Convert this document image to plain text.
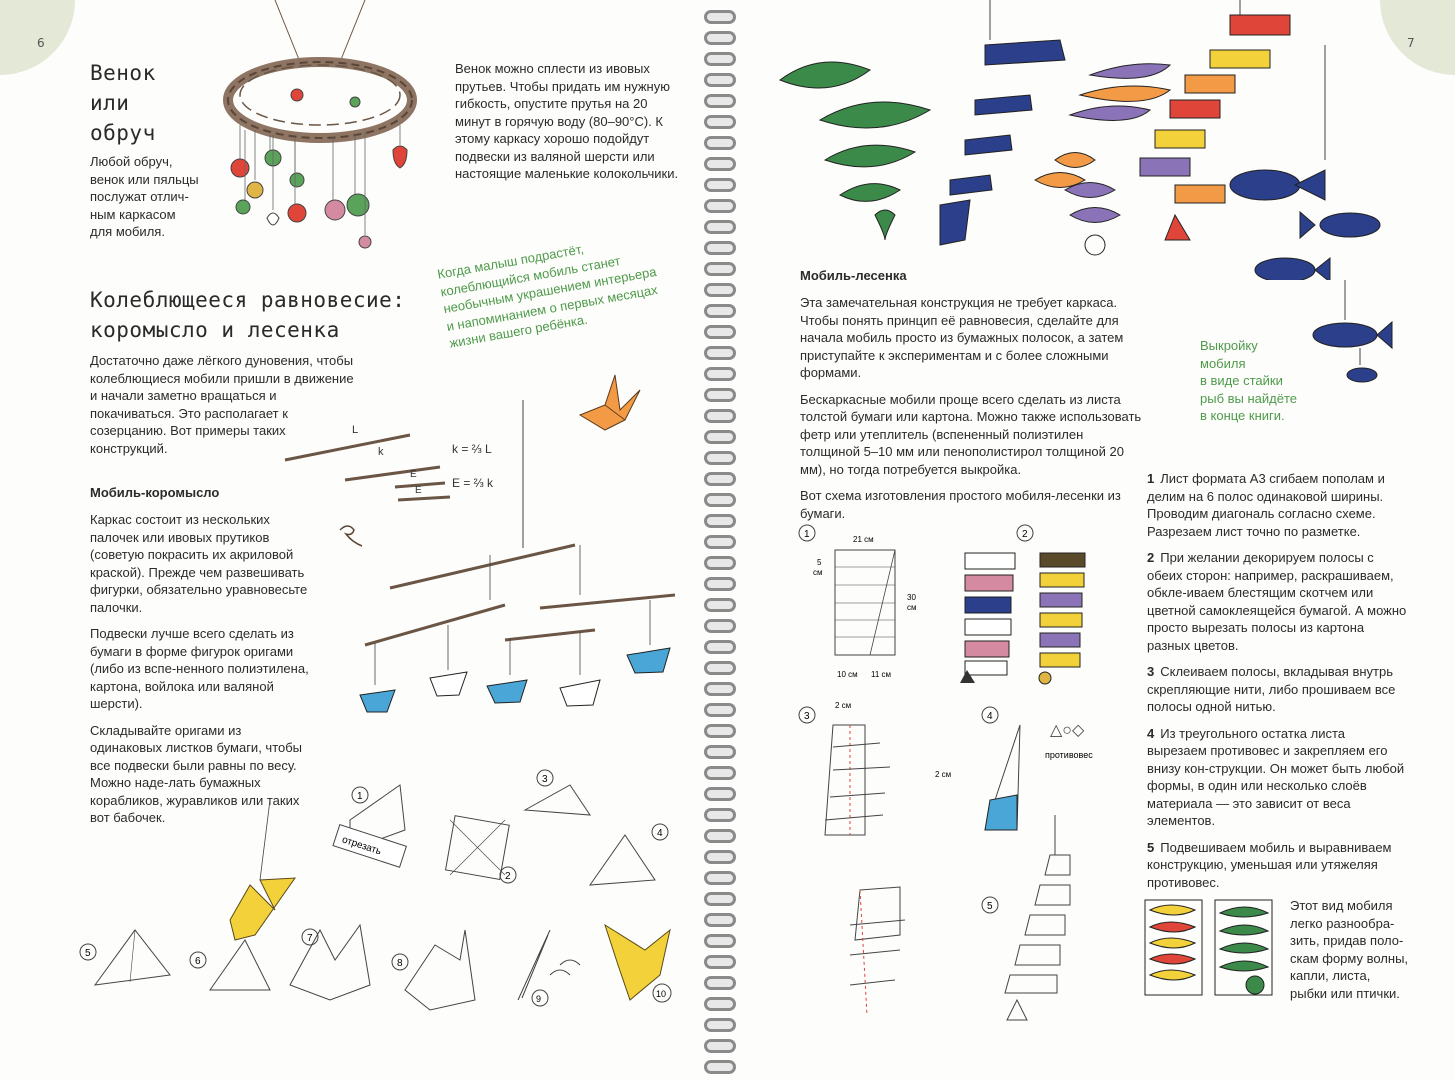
6	7
Венок
или
обруч
Любой обруч,
венок или пяльцы
послужат отлич-
ным каркасом
для мобиля.
Венок можно сплести из ивовых прутьев. Чтобы придать им нужную гибкость, опустите прутья на 20 минут в горячую воду (80–90°С). К этому каркасу хорошо подойдут подвески из валяной шерсти или настоящие маленькие колокольчики.
Когда малыш подрастёт, колеблющийся мобиль станет необычным украшением интерьера и напоминанием о первых месяцах жизни вашего ребёнка.
Колеблющееся равновесие:
коромысло и лесенка
Достаточно даже лёгкого дуновения, чтобы колеблющиеся мобили пришли в движение и начали заметно вращаться и покачиваться. Это располагает к созерцанию. Вот примеры таких конструкций.
Мобиль-коромысло

Каркас состоит из нескольких палочек или ивовых прутиков (советую покрасить их акриловой краской). Прежде чем развешивать фигурки, обязательно уравновесьте палочки.

Подвески лучше всего сделать из бумаги в форме фигурок оригами (либо из вспе-ненного полиэтилена, картона, войлока или валяной шерсти).

Складывайте оригами из одинаковых листков бумаги, чтобы все подвески были равны по весу. Можно наде-лать бумажных корабликов, журавликов или таких вот бабочек.

L
k
E
E
k = ⅔ L
E = ⅔ k
1
отрезать
2
3
4
5
6
7
8
9	10
Выкройку
мобиля
в виде стайки
рыб вы найдёте
в конце книги.
Мобиль-лесенка

Эта замечательная конструкция не требует каркаса. Чтобы понять принцип её равновесия, сделайте для начала мобиль просто из бумажных полосок, а затем приступайте к экспериментам и с более сложными формами.

Бескаркасные мобили проще всего сделать из листа толстой бумаги или картона. Можно также использовать фетр или утеплитель (вспененный полиэтилен толщиной 5–10 мм или пенополистирол толщиной 20 мм), но тогда потребуется выкройка.

Вот схема изготовления простого мобиля-лесенки из бумаги.

1 Лист формата А3 сгибаем пополам и делим на 6 полос одинаковой ширины. Проводим диагональ согласно схеме. Разрезаем лист точно по разметке.

2 При желании декорируем полосы с обеих сторон: например, раскрашиваем, обкле-иваем блестящим скотчем или цветной самоклеящейся бумагой. А можно просто вырезать полосы из картона разных цветов.

3 Склеиваем полосы, вкладывая внутрь скрепляющие нити, либо прошиваем все полосы одной нитью.

4 Из треугольного остатка листа вырезаем противовес и закрепляем его внизу кон-струкции. Он может быть любой формы, в один или несколько слоёв материала — это зависит от веса элементов.

5 Подвешиваем мобиль и выравниваем конструкцию, уменьшая или утяжеляя противовес.

1	21 см
5
см
30
см
10 см 11 см
2
3
2 см
2 см
4
△○◇
противовес
5	Этот вид мобиля легко разнообра-зить, придав поло-скам форму волны, капли, листа, рыбки или птички.
